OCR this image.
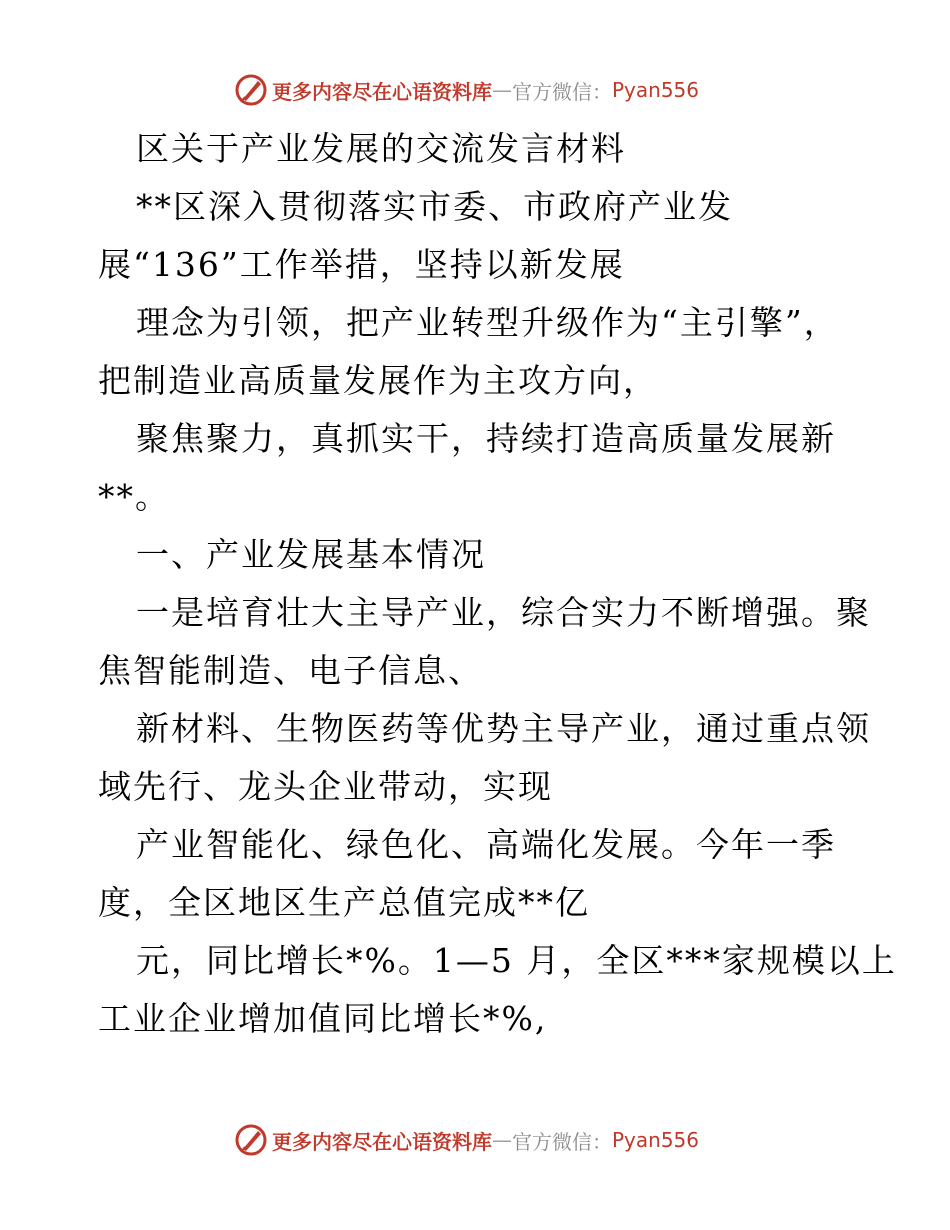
更多内容尽在心语资料库 — 官方微信： Pyan556
区关于产业发展的交流发言材料
**区深入贯彻落实市委、市政府产业发
展“136”工作举措，坚持以新发展
理念为引领，把产业转型升级作为“主引擎”，
把制造业高质量发展作为主攻方向，
聚焦聚力，真抓实干，持续打造高质量发展新
**。
一、产业发展基本情况
一是培育壮大主导产业，综合实力不断增强。聚
焦智能制造、电子信息、
新材料、生物医药等优势主导产业，通过重点领
域先行、龙头企业带动，实现
产业智能化、绿色化、高端化发展。今年一季
度，全区地区生产总值完成**亿
元，同比增长*%。1—5 月，全区***家规模以上
工业企业增加值同比增长*%,
更多内容尽在心语资料库 — 官方微信： Pyan556
